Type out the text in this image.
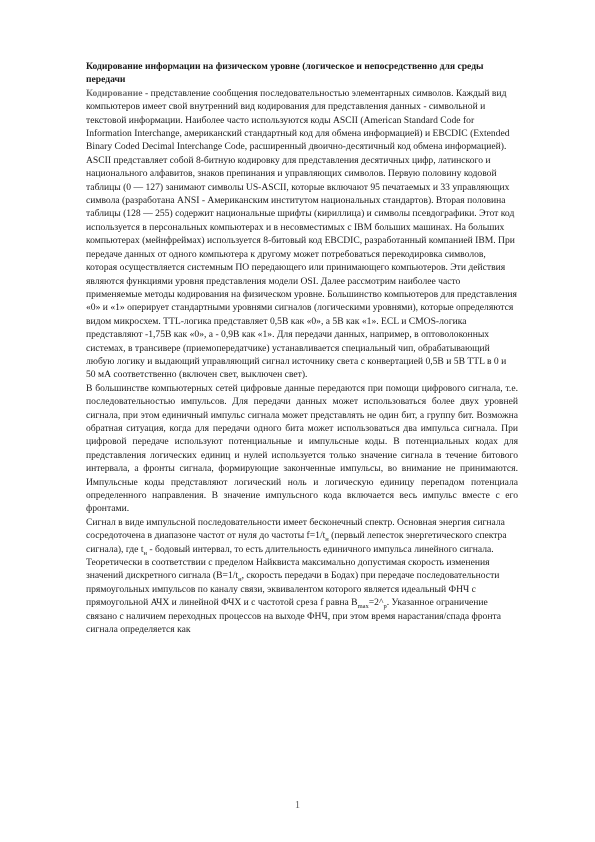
Кодирование информации на физическом уровне (логическое и непосредственно для среды передачи

Кодирование - представление сообщения последовательностью элементарных символов. Каждый вид компьютеров имеет свой внутренний вид кодирования для представления данных - символьной и текстовой информации. Наиболее часто используются коды ASCII (American Standard Code for Information Interchange, американский стандартный код для обмена информацией) и EBCDIC (Extended Binary Coded Decimal Interchange Code, расширенный двоично-десятичный код обмена информацией). ASCII представляет собой 8-битную кодировку для представления десятичных цифр, латинского и национального алфавитов, знаков препинания и управляющих символов. Первую половину кодовой таблицы (0 — 127) занимают символы US-ASCII, которые включают 95 печатаемых и 33 управляющих символа (разработана ANSI - Американским институтом национальных стандартов). Вторая половина таблицы (128 — 255) содержит национальные шрифты (кириллица) и символы псевдографики. Этот код используется в персональных компьютерах и в несовместимых с IBM больших машинах. На больших компьютерах (мейнфреймах) используется 8-битовый код EBCDIC, разработанный компанией IBM. При передаче данных от одного компьютера к другому может потребоваться перекодировка символов, которая осуществляется системным ПО передающего или принимающего компьютеров. Эти действия являются функциями уровня представления модели OSI. Далее рассмотрим наиболее часто применяемые методы кодирования на физическом уровне. Большинство компьютеров для представления «0» и «1» оперирует стандартными уровнями сигналов (логическими уровнями), которые определяются видом микросхем. TTL-логика представляет 0,5В как «0», а 5В как «1». ECL и CMOS-логика представляют -1,75В как «0», а - 0,9В как «1». Для передачи данных, например, в оптоволоконных системах, в трансивере (приемопередатчике) устанавливается специальный чип, обрабатывающий любую логику и выдающий управляющий сигнал источнику света с конвертацией 0,5В и 5В TTL в 0 и 50 мА соответственно (включен свет, выключен свет).

В большинстве компьютерных сетей цифровые данные передаются при помощи цифрового сигнала, т.е. последовательностью импульсов. Для передачи данных может использоваться более двух уровней сигнала, при этом единичный импульс сигнала может представлять не один бит, а группу бит. Возможна обратная ситуация, когда для передачи одного бита может использоваться два импульса сигнала. При цифровой передаче используют потенциальные и импульсные коды. В потенциальных кодах для представления логических единиц и нулей используется только значение сигнала в течение битового интервала, а фронты сигнала, формирующие законченные импульсы, во внимание не принимаются. Импульсные коды представляют логический ноль и логическую единицу перепадом потенциала определенного направления. В значение импульсного кода включается весь импульс вместе с его фронтами.

Сигнал в виде импульсной последовательности имеет бесконечный спектр. Основная энергия сигнала сосредоточена в диапазоне частот от нуля до частоты $f=1/t_н$ (первый лепесток энергетического спектра сигнала), где $t_н$ - бодовый интервал, то есть длительность единичного импульса линейного сигнала.

Теоретически в соответствии с пределом Найквиста максимально допустимая скорость изменения значений дискретного сигнала ($B=1/t_н$, скорость передачи в Бодах) при передаче последовательности прямоугольных импульсов по каналу связи, эквивалентом которого является идеальный ФНЧ с прямоугольной АЧХ и линейной ФЧХ и с частотой среза f равна $B_{max}=2\^{}_р$. Указанное ограничение связано с наличием переходных процессов на выходе ФНЧ, при этом время нарастания/спада фронта сигнала определяется как

1
